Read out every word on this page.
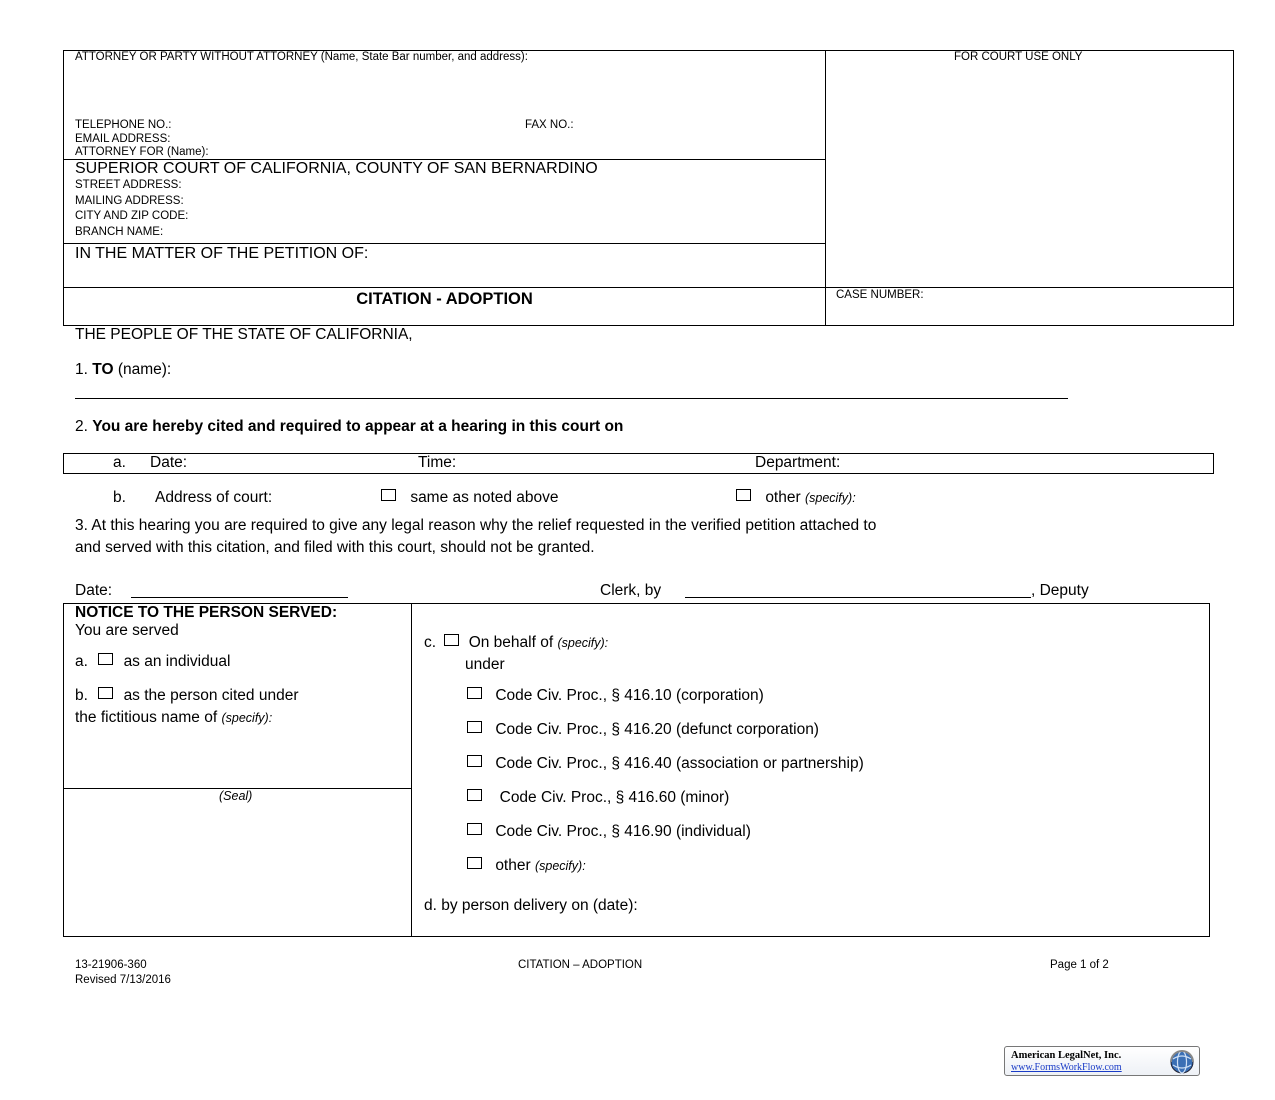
ATTORNEY OR PARTY WITHOUT ATTORNEY (Name, State Bar number, and address):	FOR COURT USE ONLY
TELEPHONE NO.:	FAX NO.:
EMAIL ADDRESS:
ATTORNEY FOR (Name):
SUPERIOR COURT OF CALIFORNIA, COUNTY OF SAN BERNARDINO
STREET ADDRESS:
MAILING ADDRESS:
CITY AND ZIP CODE:
BRANCH NAME:
IN THE MATTER OF THE PETITION OF:
CITATION - ADOPTION	CASE NUMBER:
THE PEOPLE OF THE STATE OF CALIFORNIA,
1. TO (name):
2. You are hereby cited and required to appear at a hearing in this court on
a. Date:	Time:	Department:
b. Address of court:	same as noted above	other (specify):
3. At this hearing you are required to give any legal reason why the relief requested in the verified petition attached to
and served with this citation, and filed with this court, should not be granted.
Date:	Clerk, by	, Deputy
NOTICE TO THE PERSON SERVED:
You are served
a. as an individual
b. as the person cited under
the fictitious name of (specify):
(Seal)
c. On behalf of (specify):
under
Code Civ. Proc., § 416.10 (corporation)
Code Civ. Proc., § 416.20 (defunct corporation)
Code Civ. Proc., § 416.40 (association or partnership)
Code Civ. Proc., § 416.60 (minor)
Code Civ. Proc., § 416.90 (individual)
other (specify):
d. by person delivery on (date):
13-21906-360
Revised 7/13/2016
CITATION – ADOPTION	Page 1 of 2
American LegalNet, Inc.
www.FormsWorkFlow.com
